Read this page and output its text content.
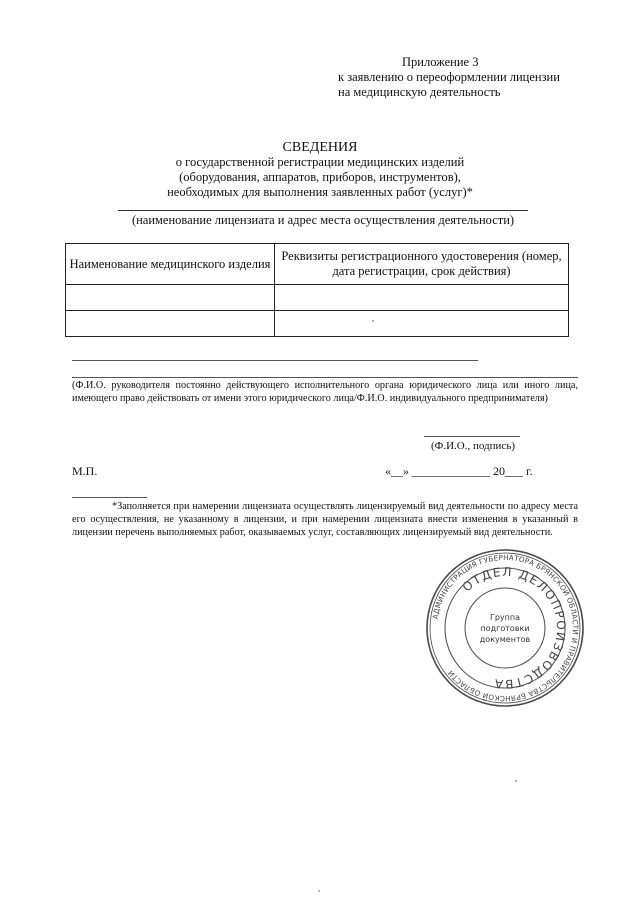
Приложение 3
к заявлению о переоформлении лицензии
на медицинскую деятельность
СВЕДЕНИЯ
о государственной регистрации медицинских изделий
(оборудования, аппаратов, приборов, инструментов),
необходимых для выполнения заявленных работ (услуг)*
(наименование лицензиата и адрес места осуществления деятельности)
Наименование медицинского изделия	Реквизиты регистрационного удостоверения (номер, дата регистрации, срок действия)

(Ф.И.О. руководителя постоянно действующего исполнительного органа юридического лица или иного лица, имеющего право действовать от имени этого юридического лица/Ф.И.О. индивидуального предпринимателя)
(Ф.И.О., подпись)
М.П.	«__» _____________ 20___ г.
*Заполняется при намерении лицензиата осуществлять лицензируемый вид деятельности по адресу места его осуществления, не указанному в лицензии, и при намерении лицензиата внести изменения в указанный в лицензии перечень выполняемых работ, оказываемых услуг, составляющих лицензируемый вид деятельности.
АДМИНИСТРАЦИЯ ГУБЕРНАТОРА БРЯНСКОЙ ОБЛАСТИ И ПРАВИТЕЛЬСТВА БРЯНСКОЙ ОБЛАСТИ
ОТДЕЛ ДЕЛОПРОИЗВОДСТВА
Группа
подготовки
документов
